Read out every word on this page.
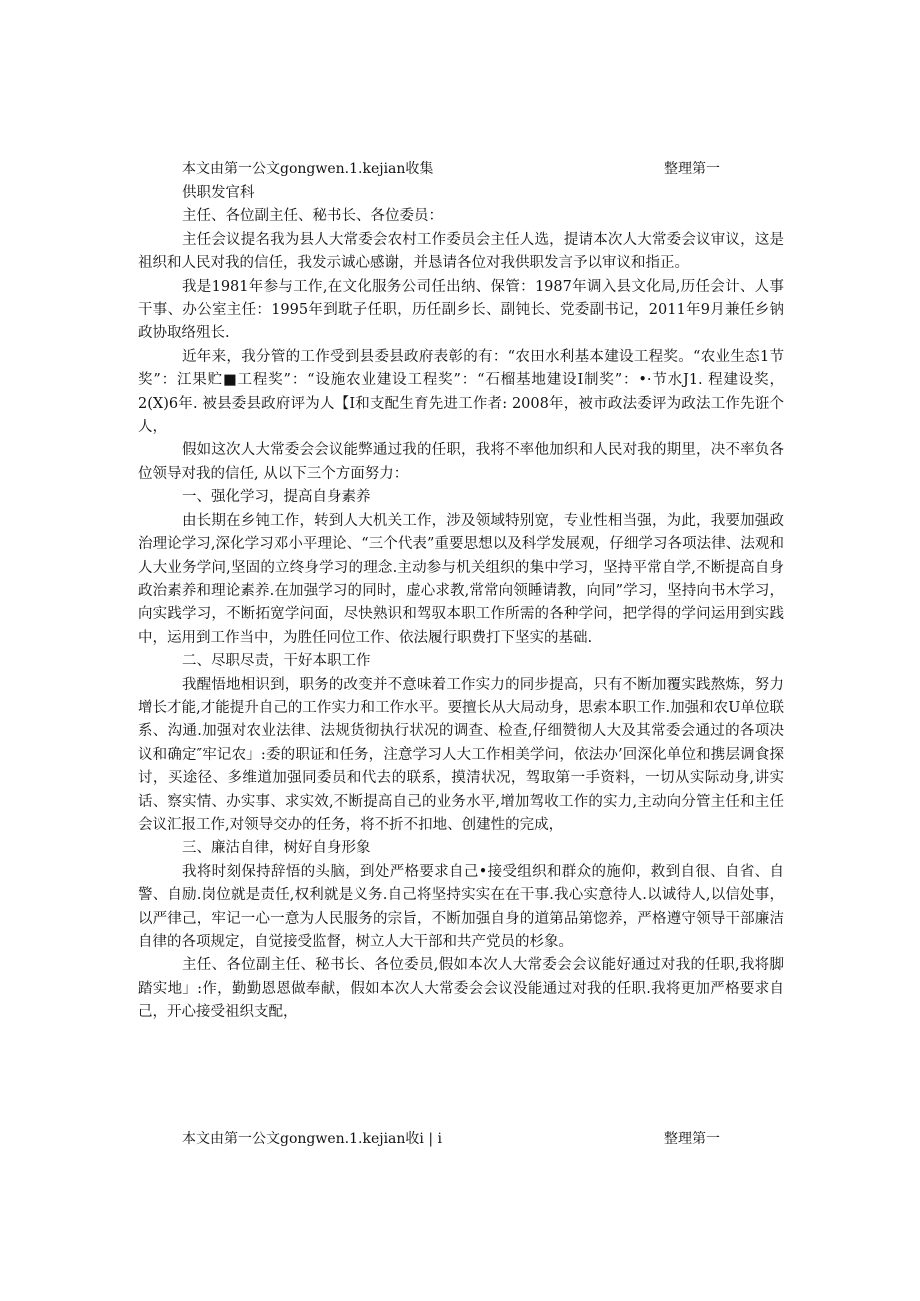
本文由第一公文gongwen.1.kejian收集	整理第一

供职发官科

主任、各位副主任、秘书长、各位委员：

主任会议提名我为县人大常委会农村工作委员会主任人选，提请本次人大常委会议审议，这是祖织和人民对我的信任，我发示诚心感谢，并恳请各位对我供职发言予以审议和指正。

我是1981年参与工作,在文化服务公司任出纳、保管：1987年调入县文化局,历任会计、人事干事、办公室主任：1995年到耽子任职，历任副乡长、副钝长、党委副书记，2011年9月兼任乡钠政协取络殂长.

近年来，我分管的工作受到县委县政府表彰的有：“农田水利基本建设工程奖。“农业生态1节奖”：江果贮■工程奖”：“设施农业建设工程奖”：“石榴基地建设I制奖”：•·节水J1. 程建设奖，2(X)6年. 被县委县政府评为人【I和支配生育先进工作者: 2008年，被市政法委评为政法工作先诳个人，

假如这次人大常委会会议能弊通过我的任职，我将不率他加织和人民对我的期里，决不率负各位领导对我的信任, 从以下三个方面努力：

一、强化学习，提高自身素养

由长期在乡钝工作，转到人大机关工作，涉及领域特别宽，专业性相当强，为此，我要加强政治理论学习,深化学习邓小平理论、“三个代表”重要思想以及科学发展观，仔细学习各项法律、法观和人大业务学问,坚固的立终身学习的理念.主动参与机关组织的集中学习，坚持平常自学,不断提高自身政治素养和理论素养.在加强学习的同时，虚心求教,常常向领睡请教，向同”学习，坚持向书木学习，向实践学习，不断拓宽学问面，尽快熟识和驾驭本职工作所需的各种学问，把学得的学问运用到实践中，运用到工作当中，为胜任冋位工作、依法履行职费打下坚实的基础.

二、尽职尽责，干好本职工作

我醒悟地相识到，职务的改变并不意味着工作实力的同步提高，只有不断加覆实践熬炼，努力增长才能,才能提升自己的工作实力和工作水平。要擅长从大局动身，思索本职工作.加强和农U单位联系、沟通.加强对农业法律、法规货彻执行状况的调查、检查,仔细赞彻人大及其常委会通过的各项决议和确定″牢记农」:委的职证和任务，注意学习人大工作相美学问，依法办’回深化单位和携层调食探讨，买途径、多维道加强同委员和代去的联系，摸清状况，驾取第一手资料，一切从实际动身,讲实话、察实情、办实事、求实效,不断提高自己的业务水平,增加驾收工作的实力,主动向分管主任和主任会议汇报工作,对领导交办的任务，将不折不扣地、创建性的完成，

三、廉沽自律，树好自身形象

我将时刻保持辞悟的头脑，到处严格要求自己•接受组织和群众的施仰，救到自很、自省、自警、自励.岗位就是责任,权利就是义务.自己将坚持实实在在干事.我心实意待人.以诚待人,以信处事，以严律己，牢记一心一意为人民服务的宗旨，不断加强自身的道第品第惚养，严格遵守领导干部廉洁自律的各项规定，自觉接受监督，树立人大干部和共产党员的杉象。

主任、各位副主任、秘书长、各位委员,假如本次人大常委会会议能好通过对我的任职,我将脚踏实地」:作，勤勤恩恩做奉献，假如本次人大常委会会议没能通过对我的任职.我将更加严格要求自己，开心接受祖织支配，

本文由第一公文gongwen.1.kejian收i | i	整理第一
